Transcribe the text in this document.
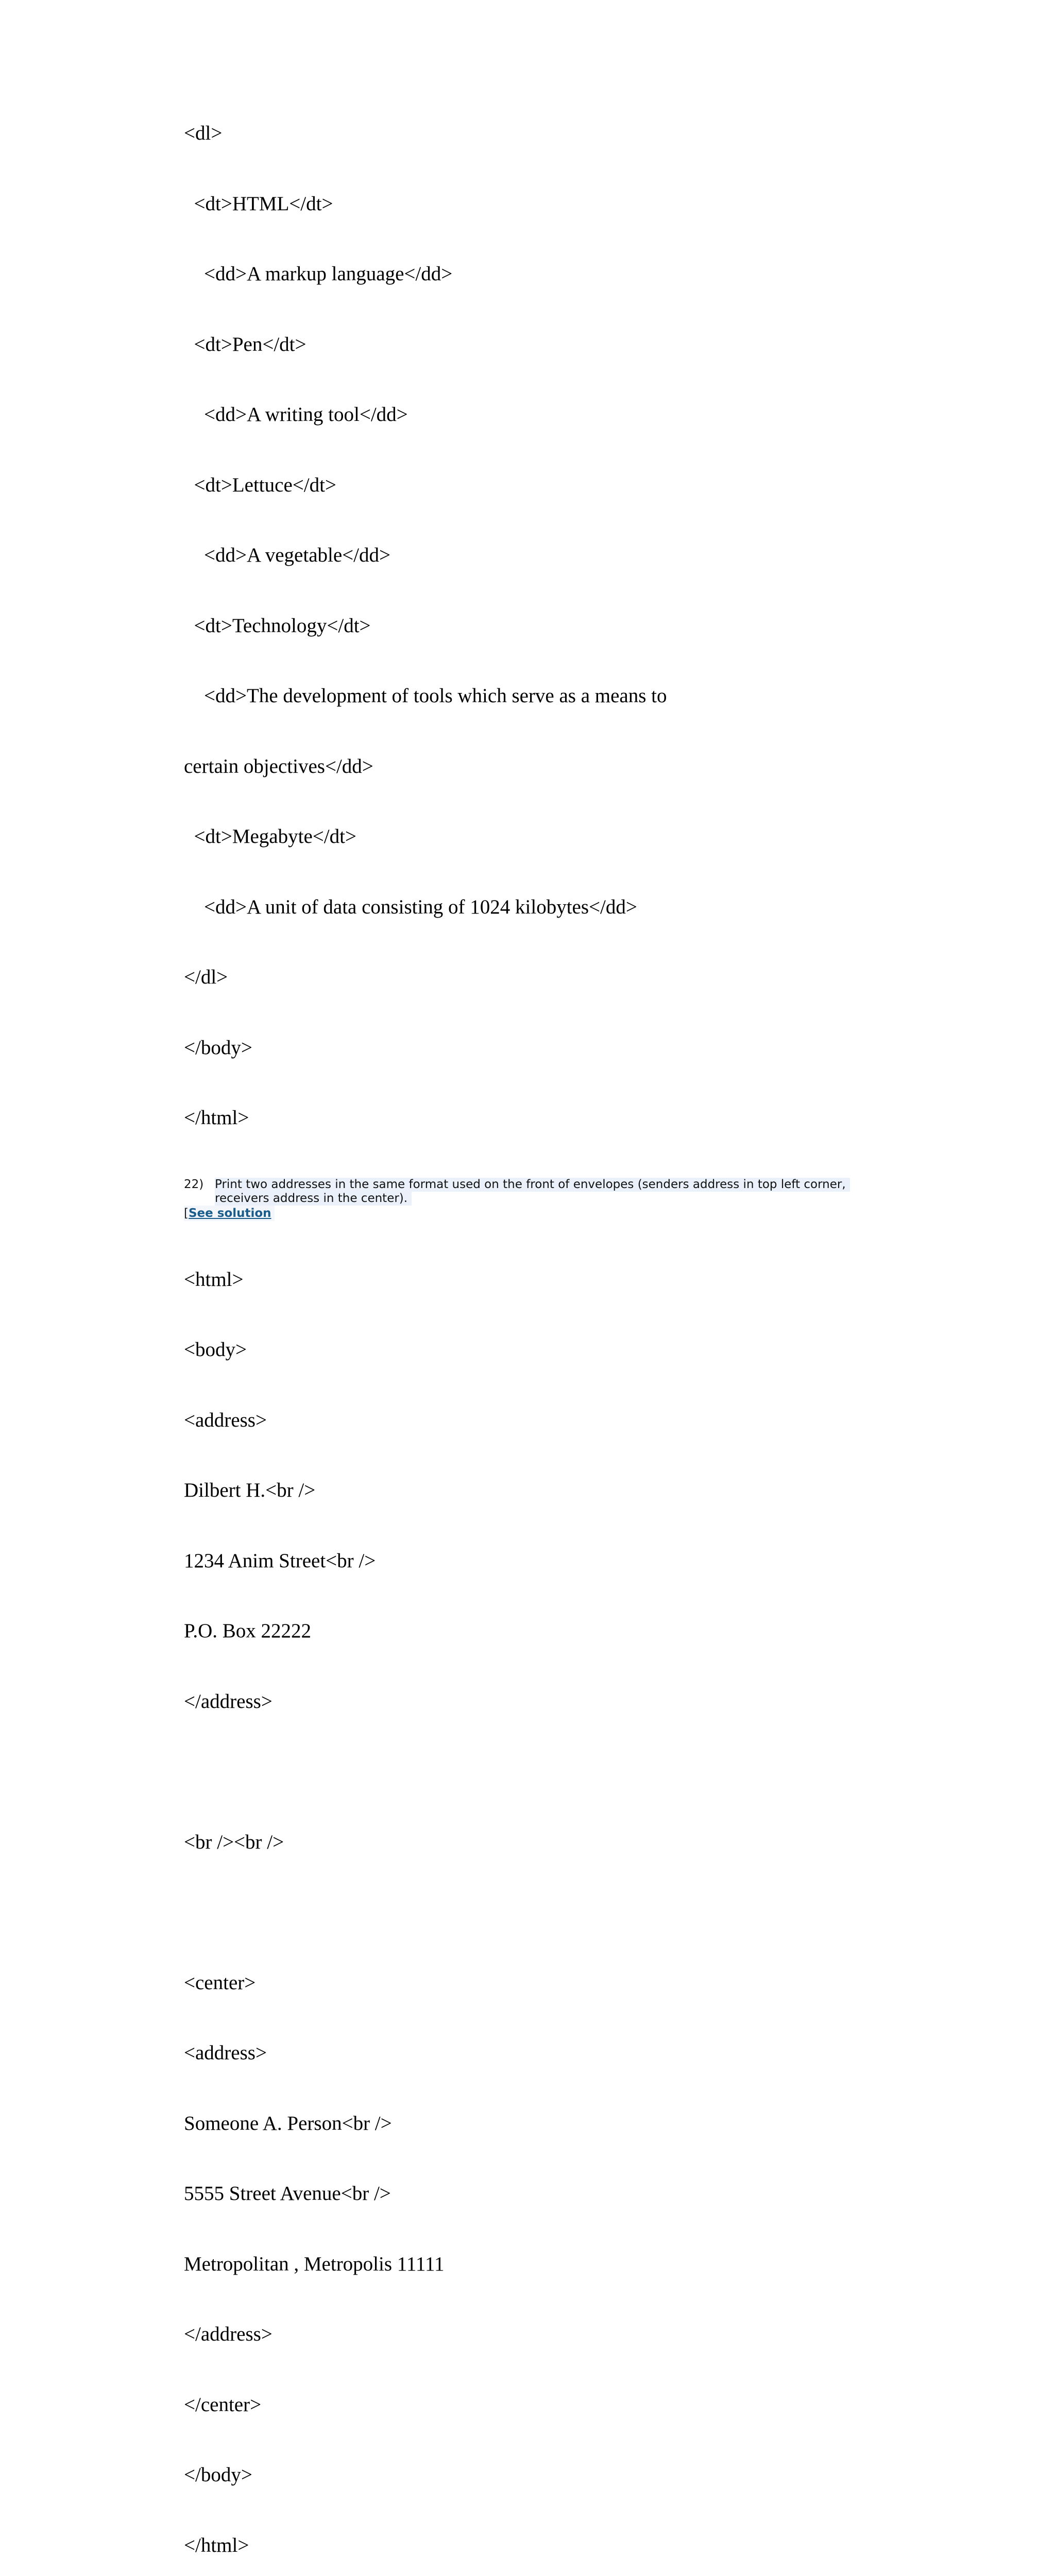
<dl>

<dt>HTML</dt>

<dd>A markup language</dd>

<dt>Pen</dt>

<dd>A writing tool</dd>

<dt>Lettuce</dt>

<dd>A vegetable</dd>

<dt>Technology</dt>

<dd>The development of tools which serve as a means to

certain objectives</dd>

<dt>Megabyte</dt>

<dd>A unit of data consisting of 1024 kilobytes</dd>

</dl>

</body>

</html>

22) Print two addresses in the same format used on the front of envelopes (senders address in top left corner,
receivers address in the center).
[See solution

<html>

<body>

<address>

Dilbert H.<br />

1234 Anim Street<br />

P.O. Box 22222

</address>

<br /><br />

<center>

<address>

Someone A. Person<br />

5555 Street Avenue<br />

Metropolitan , Metropolis 11111

</address>

</center>

</body>

</html>
